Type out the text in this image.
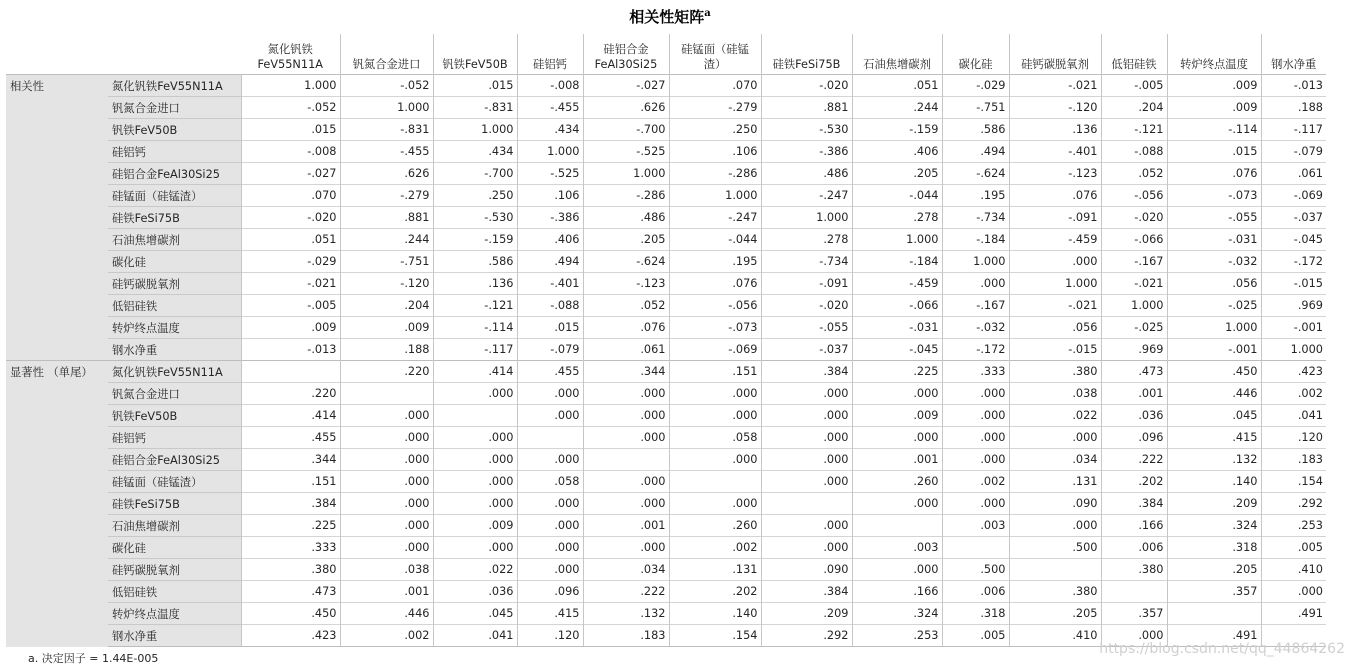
相关性矩阵$^a$
		氮化钒铁FeV55N11A	钒氮合金进口	钒铁FeV50B	硅铝钙	硅铝合金FeAl30Si25	硅锰面（硅锰渣）	硅铁FeSi75B	石油焦增碳剂	碳化硅	硅钙碳脱氧剂	低铝硅铁	转炉终点温度	钢水净重
相关性	氮化钒铁FeV55N11A	1.000	-.052	.015	-.008	-.027	.070	-.020	.051	-.029	-.021	-.005	.009	-.013
	钒氮合金进口	-.052	1.000	-.831	-.455	.626	-.279	.881	.244	-.751	-.120	.204	.009	.188
	钒铁FeV50B	.015	-.831	1.000	.434	-.700	.250	-.530	-.159	.586	.136	-.121	-.114	-.117
	硅铝钙	-.008	-.455	.434	1.000	-.525	.106	-.386	.406	.494	-.401	-.088	.015	-.079
	硅铝合金FeAl30Si25	-.027	.626	-.700	-.525	1.000	-.286	.486	.205	-.624	-.123	.052	.076	.061
	硅锰面（硅锰渣）	.070	-.279	.250	.106	-.286	1.000	-.247	-.044	.195	.076	-.056	-.073	-.069
	硅铁FeSi75B	-.020	.881	-.530	-.386	.486	-.247	1.000	.278	-.734	-.091	-.020	-.055	-.037
	石油焦增碳剂	.051	.244	-.159	.406	.205	-.044	.278	1.000	-.184	-.459	-.066	-.031	-.045
	碳化硅	-.029	-.751	.586	.494	-.624	.195	-.734	-.184	1.000	.000	-.167	-.032	-.172
	硅钙碳脱氧剂	-.021	-.120	.136	-.401	-.123	.076	-.091	-.459	.000	1.000	-.021	.056	-.015
	低铝硅铁	-.005	.204	-.121	-.088	.052	-.056	-.020	-.066	-.167	-.021	1.000	-.025	.969
	转炉终点温度	.009	.009	-.114	.015	.076	-.073	-.055	-.031	-.032	.056	-.025	1.000	-.001
	钢水净重	-.013	.188	-.117	-.079	.061	-.069	-.037	-.045	-.172	-.015	.969	-.001	1.000
显著性 （单尾）	氮化钒铁FeV55N11A		.220	.414	.455	.344	.151	.384	.225	.333	.380	.473	.450	.423
	钒氮合金进口	.220		.000	.000	.000	.000	.000	.000	.000	.038	.001	.446	.002
	钒铁FeV50B	.414	.000		.000	.000	.000	.000	.009	.000	.022	.036	.045	.041
	硅铝钙	.455	.000	.000		.000	.058	.000	.000	.000	.000	.096	.415	.120
	硅铝合金FeAl30Si25	.344	.000	.000	.000		.000	.000	.001	.000	.034	.222	.132	.183
	硅锰面（硅锰渣）	.151	.000	.000	.058	.000		.000	.260	.002	.131	.202	.140	.154
	硅铁FeSi75B	.384	.000	.000	.000	.000	.000		.000	.000	.090	.384	.209	.292
	石油焦增碳剂	.225	.000	.009	.000	.001	.260	.000		.003	.000	.166	.324	.253
	碳化硅	.333	.000	.000	.000	.000	.002	.000	.003		.500	.006	.318	.005
	硅钙碳脱氧剂	.380	.038	.022	.000	.034	.131	.090	.000	.500		.380	.205	.410
	低铝硅铁	.473	.001	.036	.096	.222	.202	.384	.166	.006	.380		.357	.000
	转炉终点温度	.450	.446	.045	.415	.132	.140	.209	.324	.318	.205	.357		.491
	钢水净重	.423	.002	.041	.120	.183	.154	.292	.253	.005	.410	.000	.491	
a. 决定因子 = 1.44E-005
https://blog.csdn.net/qq_44864262
